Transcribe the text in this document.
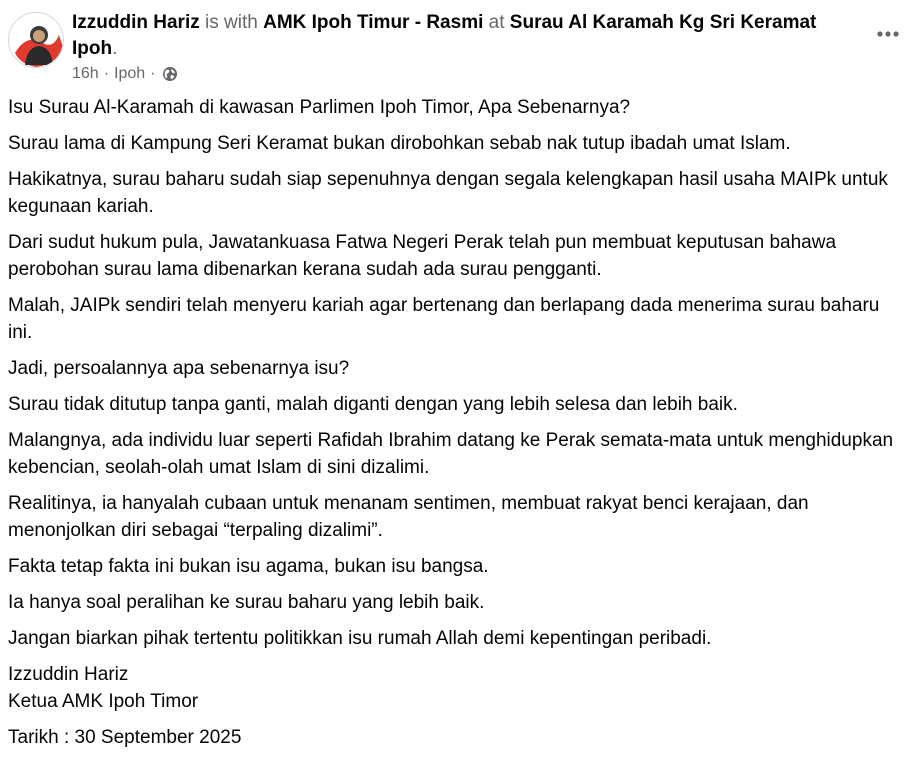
Izzuddin Hariz is with AMK Ipoh Timur - Rasmi at Surau Al Karamah Kg Sri Keramat Ipoh.
16h · Ipoh ·
Isu Surau Al-Karamah di kawasan Parlimen Ipoh Timor, Apa Sebenarnya?
Surau lama di Kampung Seri Keramat bukan dirobohkan sebab nak tutup ibadah umat Islam.
Hakikatnya, surau baharu sudah siap sepenuhnya dengan segala kelengkapan hasil usaha MAIPk untuk kegunaan kariah.
Dari sudut hukum pula, Jawatankuasa Fatwa Negeri Perak telah pun membuat keputusan bahawa perobohan surau lama dibenarkan kerana sudah ada surau pengganti.
Malah, JAIPk sendiri telah menyeru kariah agar bertenang dan berlapang dada menerima surau baharu ini.
Jadi, persoalannya apa sebenarnya isu?
Surau tidak ditutup tanpa ganti, malah diganti dengan yang lebih selesa dan lebih baik.
Malangnya, ada individu luar seperti Rafidah Ibrahim datang ke Perak semata-mata untuk menghidupkan kebencian, seolah-olah umat Islam di sini dizalimi.
Realitinya, ia hanyalah cubaan untuk menanam sentimen, membuat rakyat benci kerajaan, dan menonjolkan diri sebagai “terpaling dizalimi”.
Fakta tetap fakta ini bukan isu agama, bukan isu bangsa.
Ia hanya soal peralihan ke surau baharu yang lebih baik.
Jangan biarkan pihak tertentu politikkan isu rumah Allah demi kepentingan peribadi.
Izzuddin Hariz
Ketua AMK Ipoh Timor
Tarikh : 30 September 2025
